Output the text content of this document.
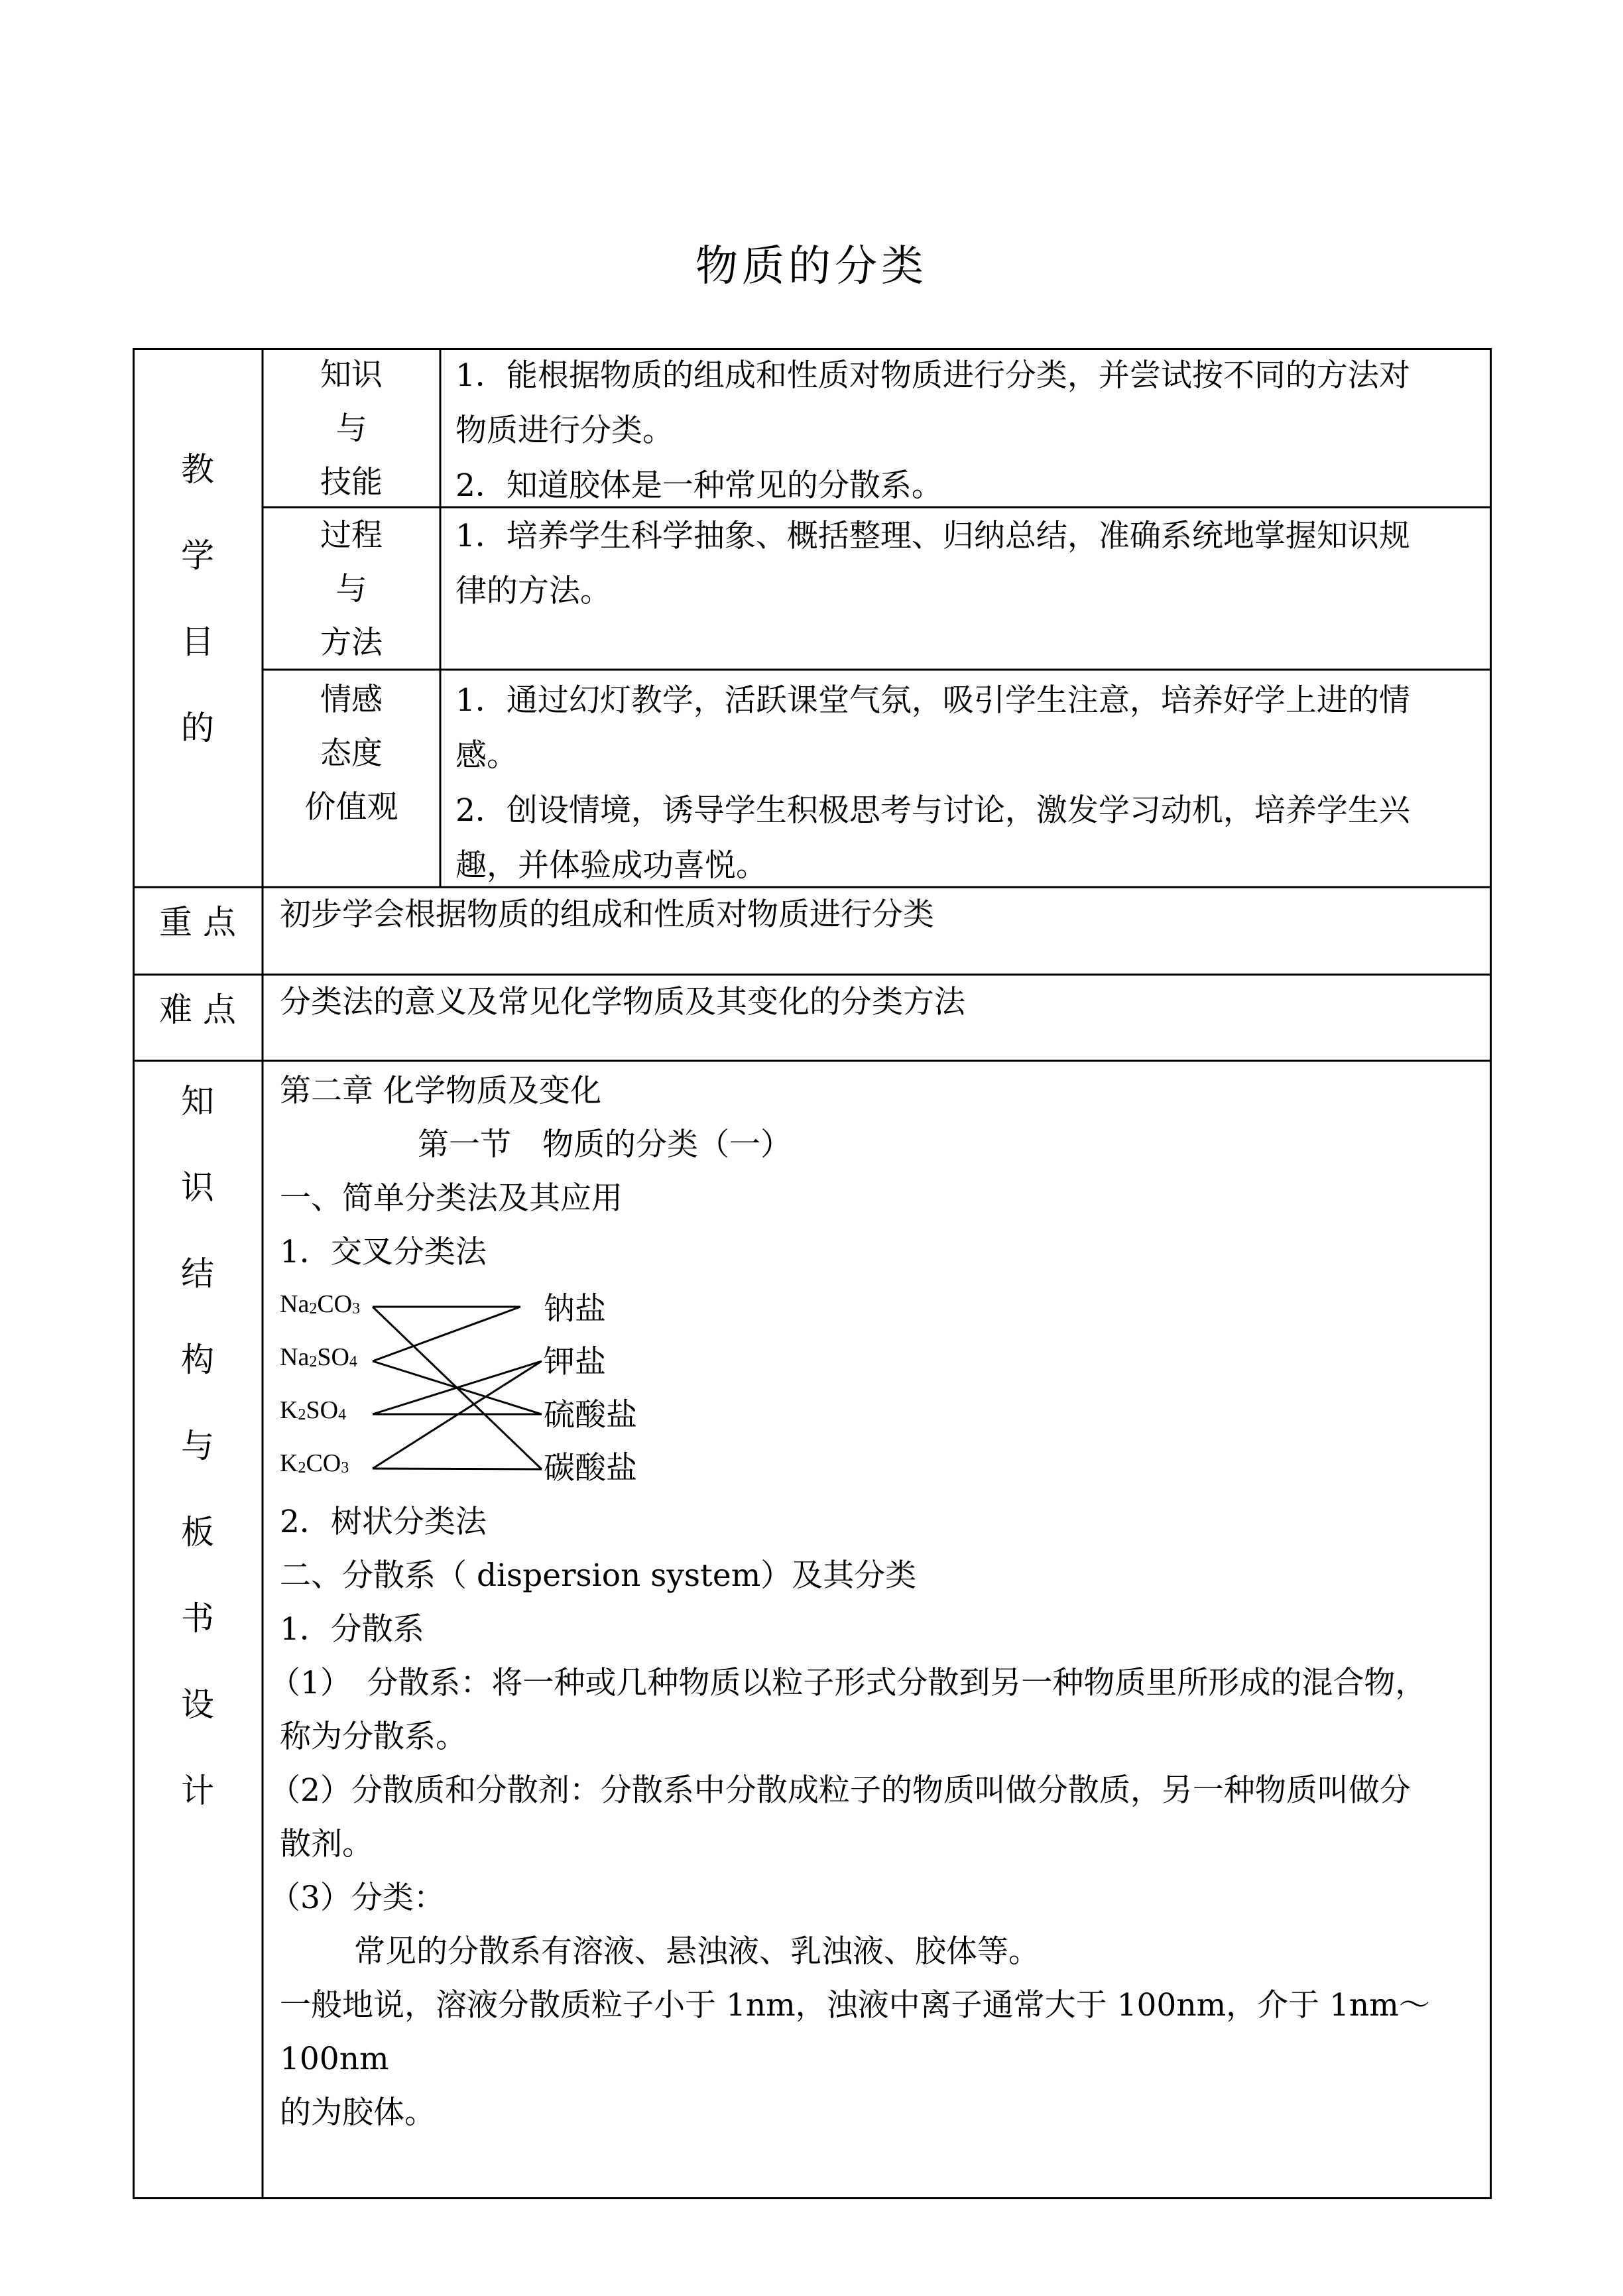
物质的分类
教
学
目
的
知识
与
技能

1．能根据物质的组成和性质对物质进行分类，并尝试按不同的方法对

物质进行分类。

2．知道胶体是一种常见的分散系。

过程
与
方法

1．培养学生科学抽象、概括整理、归纳总结，准确系统地掌握知识规

律的方法。

情感
态度
价值观

1．通过幻灯教学，活跃课堂气氛，吸引学生注意，培养好学上进的情

感。

2．创设情境，诱导学生积极思考与讨论，激发学习动机，培养学生兴

趣，并体验成功喜悦。

重 点	初步学会根据物质的组成和性质对物质进行分类
难 点	分类法的意义及常见化学物质及其变化的分类方法
知
识
结
构
与
板
书
设
计

第二章 化学物质及变化

第一节　物质的分类（一）

一、简单分类法及其应用

1．交叉分类法

$Na_2CO_3$
$Na_2SO_4$
$K_2SO_4$
$K_2CO_3$
钠盐
钾盐
硫酸盐
碳酸盐

2．树状分类法

二、分散系（ dispersion system）及其分类

1．分散系

（1）　分散系：将一种或几种物质以粒子形式分散到另一种物质里所形成的混合物，

称为分散系。

（2）分散质和分散剂：分散系中分散成粒子的物质叫做分散质，另一种物质叫做分

散剂。

（3）分类：

常见的分散系有溶液、悬浊液、乳浊液、胶体等。

一般地说，溶液分散质粒子小于 1nm，浊液中离子通常大于 100nm，介于 1nm～100nm

的为胶体。
